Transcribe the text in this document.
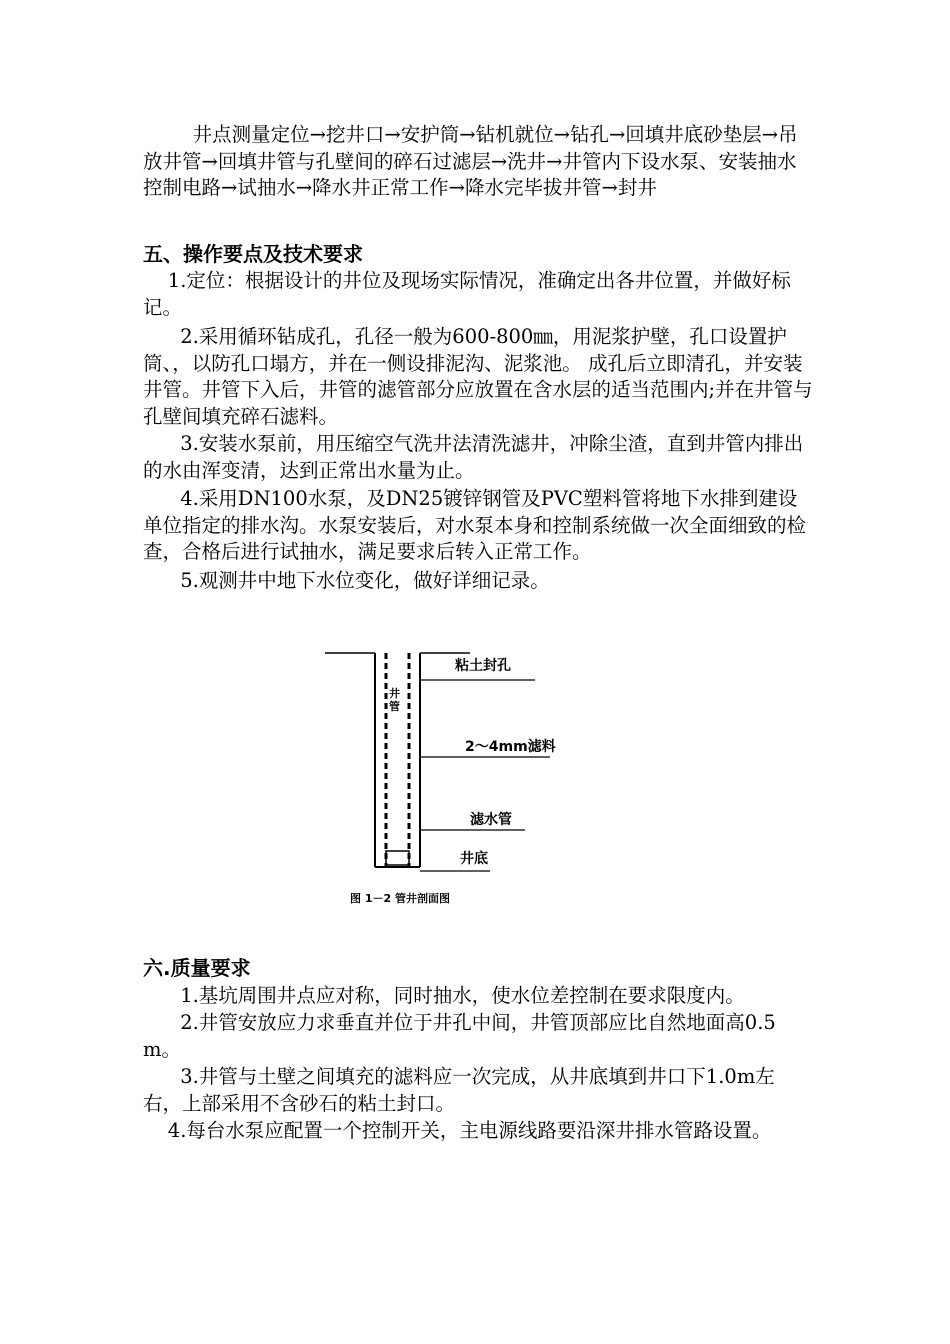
井点测量定位→挖井口→安护筒→钻机就位→钻孔→回填井底砂垫层→吊放井管→回填井管与孔壁间的碎石过滤层→洗井→井管内下设水泵、安装抽水控制电路→试抽水→降水井正常工作→降水完毕拔井管→封井
五、操作要点及技术要求
1.定位：根据设计的井位及现场实际情况，准确定出各井位置，并做好标记。
2.采用循环钻成孔，孔径一般为600-800㎜，用泥浆护壁，孔口设置护筒、，以防孔口塌方，并在一侧设排泥沟、泥浆池。 成孔后立即清孔，并安装井管。井管下入后，井管的滤管部分应放置在含水层的适当范围内;并在井管与孔壁间填充碎石滤料。
3.安装水泵前，用压缩空气洗井法清洗滤井，冲除尘渣，直到井管内排出的水由浑变清，达到正常出水量为止。
4.采用DN100水泵，及DN25镀锌钢管及PVC塑料管将地下水排到建设单位指定的排水沟。水泵安装后，对水泵本身和控制系统做一次全面细致的检查，合格后进行试抽水，满足要求后转入正常工作。
5.观测井中地下水位变化，做好详细记录。
粘土封孔
井管
2～4mm滤料
滤水管
井底
图 1－2 管井剖面图
六.质量要求
1.基坑周围井点应对称，同时抽水，使水位差控制在要求限度内。
2.井管安放应力求垂直并位于井孔中间，井管顶部应比自然地面高0.5m。
3.井管与土壁之间填充的滤料应一次完成，从井底填到井口下1.0m左右，上部采用不含砂石的粘土封口。
4.每台水泵应配置一个控制开关，主电源线路要沿深井排水管路设置。
